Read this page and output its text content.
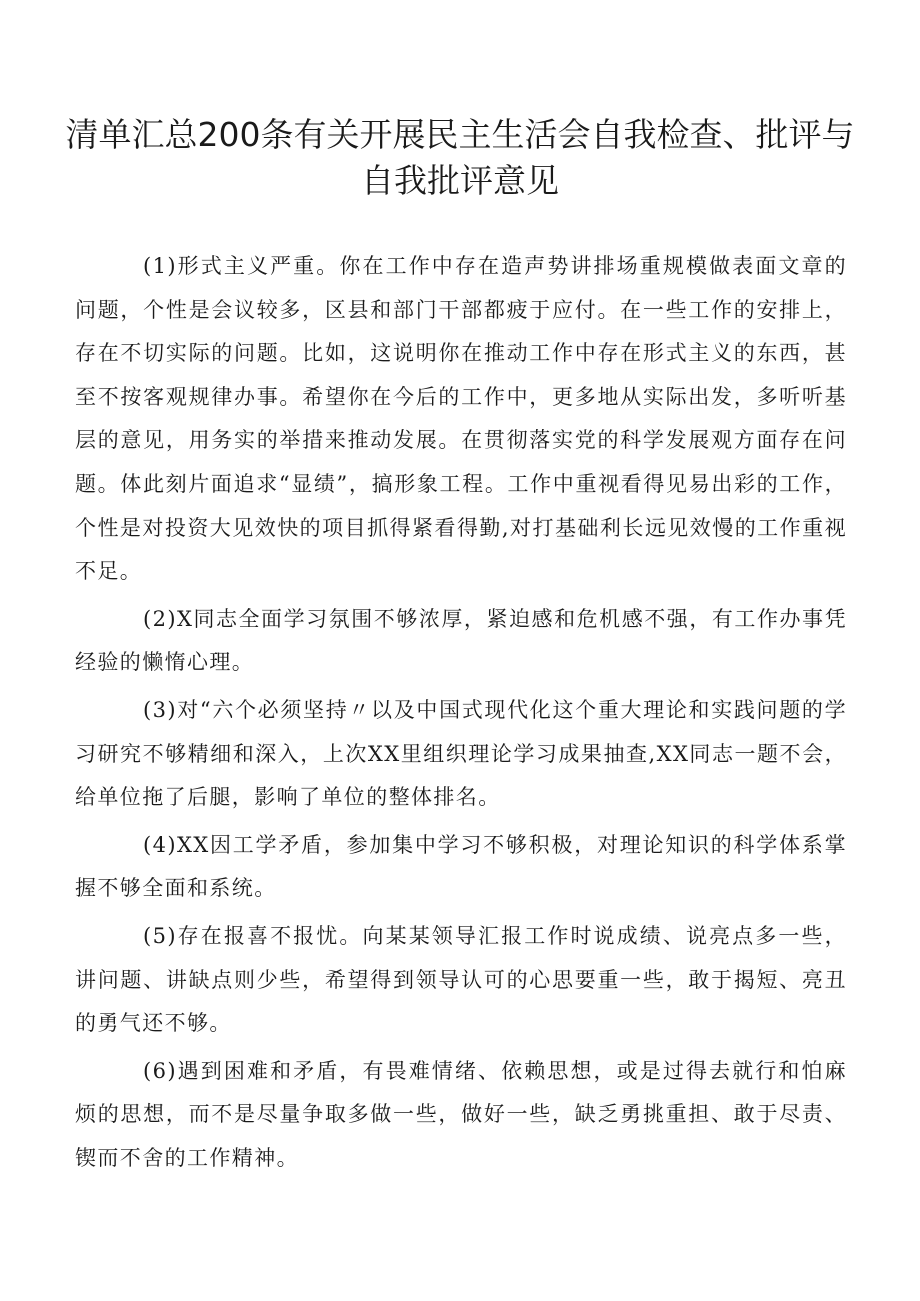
清单汇总200条有关开展民主生活会自我检查、批评与自我批评意见

(1)形式主义严重。你在工作中存在造声势讲排场重规模做表面文章的问题，个性是会议较多，区县和部门干部都疲于应付。在一些工作的安排上，存在不切实际的问题。比如，这说明你在推动工作中存在形式主义的东西，甚至不按客观规律办事。希望你在今后的工作中，更多地从实际出发，多听听基层的意见，用务实的举措来推动发展。在贯彻落实党的科学发展观方面存在问题。体此刻片面追求“显绩”，搞形象工程。工作中重视看得见易出彩的工作，个性是对投资大见效快的项目抓得紧看得勤,对打基础利长远见效慢的工作重视不足。

(2)X同志全面学习氛围不够浓厚，紧迫感和危机感不强，有工作办事凭经验的懒惰心理。

(3)对“六个必须坚持〃以及中国式现代化这个重大理论和实践问题的学习研究不够精细和深入，上次XX里组织理论学习成果抽查,XX同志一题不会，给单位拖了后腿，影响了单位的整体排名。

(4)XX因工学矛盾，参加集中学习不够积极，对理论知识的科学体系掌握不够全面和系统。

(5)存在报喜不报忧。向某某领导汇报工作时说成绩、说亮点多一些，讲问题、讲缺点则少些，希望得到领导认可的心思要重一些，敢于揭短、亮丑的勇气还不够。

(6)遇到困难和矛盾，有畏难情绪、依赖思想，或是过得去就行和怕麻烦的思想，而不是尽量争取多做一些，做好一些，缺乏勇挑重担、敢于尽责、锲而不舍的工作精神。
